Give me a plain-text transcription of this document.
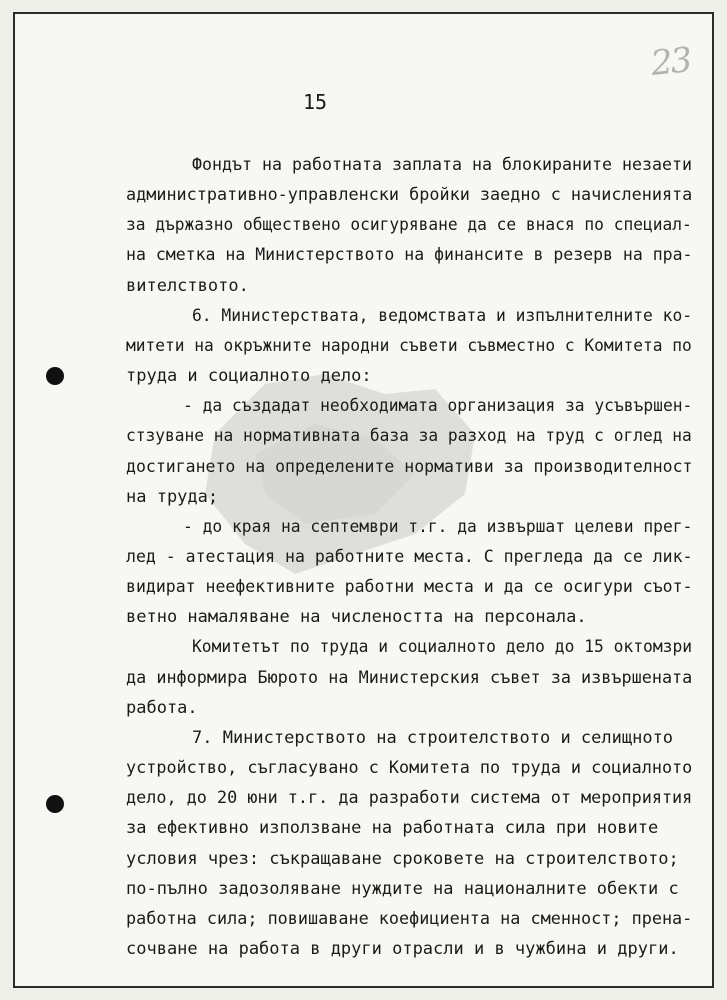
23
15
Фондът на работната заплата на блокираните незаети
административно-управленски бройки заедно с начисленията
за държазно обществено осигуряване да се внася по специал-
на сметка на Министерството на финансите в резерв на пра-
вителството.
6. Министерствата, ведомствата и изпълнителните ко-
митети на окръжните народни съвети съвместно с Комитета по
труда и социалното дело:
- да създадат необходимата организация за усъвършен-
стзуване на нормативната база за разход на труд с оглед на
достигането на определените нормативи за производителност
на труда;
- до края на септември т.г. да извършат целеви прег-
лед - атестация на работните места. С прегледа да се лик-
видират неефективните работни места и да се осигури съот-
ветно намаляване на числеността на персонала.
Комитетът по труда и социалното дело до 15 октомзри
да информира Бюрото на Министерския съвет за извършената
работа.
7. Министерството на строителството и селищното
устройство, съгласувано с Комитета по труда и социалното
дело, до 20 юни т.г. да разработи система от мероприятия
за ефективно използване на работната сила при новите
условия чрез: съкращаване сроковете на строителството;
по-пълно задозоляване нуждите на националните обекти с
работна сила; повишаване коефициента на сменност; прена-
сочване на работа в други отрасли и в чужбина и други.
